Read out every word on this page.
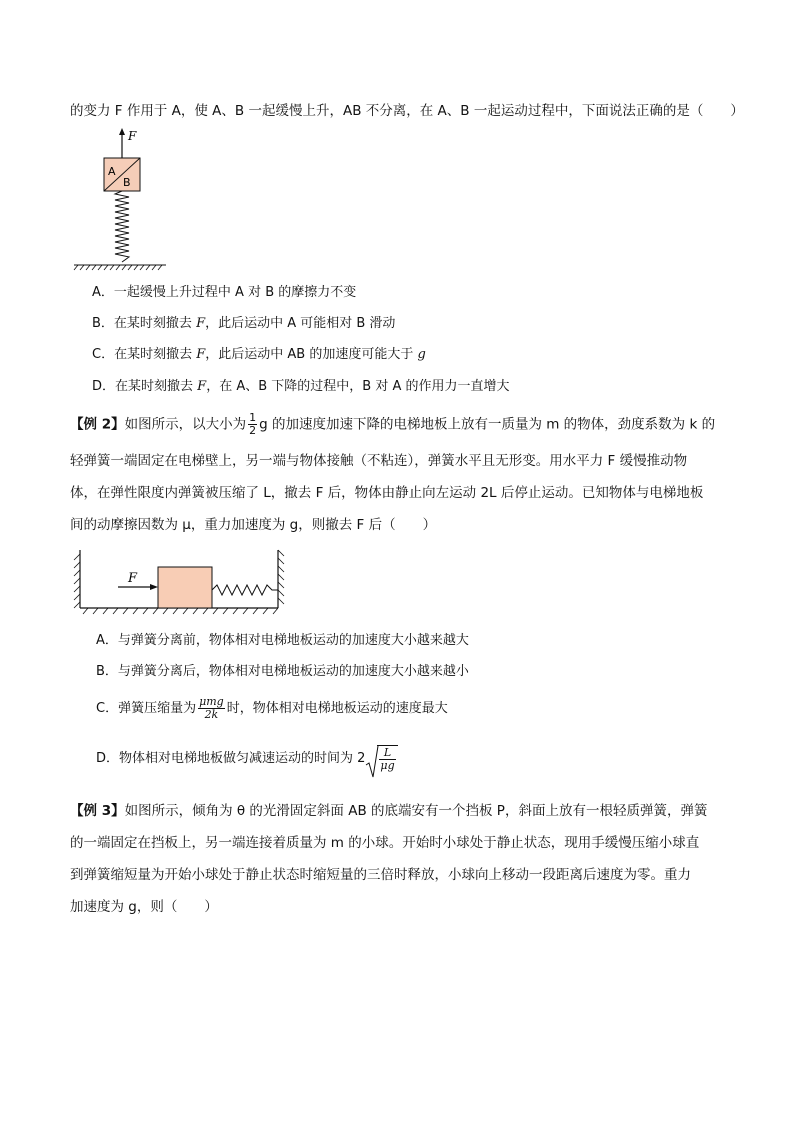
的变力 F 作用于 A，使 A、B 一起缓慢上升，AB 不分离，在 A、B 一起运动过程中，下面说法正确的是（　　）
F
A
B
A．一起缓慢上升过程中 A 对 B 的摩擦力不变
B．在某时刻撤去 F，此后运动中 A 可能相对 B 滑动
C．在某时刻撤去 F，此后运动中 AB 的加速度可能大于 g
D．在某时刻撤去 F，在 A、B 下降的过程中，B 对 A 的作用力一直增大
【例 2】如图所示，以大小为 $\frac{1}{2}$ g 的加速度加速下降的电梯地板上放有一质量为 m 的物体，劲度系数为 k 的
轻弹簧一端固定在电梯壁上，另一端与物体接触（不粘连），弹簧水平且无形变。用水平力 F 缓慢推动物
体，在弹性限度内弹簧被压缩了 L，撤去 F 后，物体由静止向左运动 2L 后停止运动。已知物体与电梯地板
间的动摩擦因数为 μ，重力加速度为 g，则撤去 F 后（　　）
F
A．与弹簧分离前，物体相对电梯地板运动的加速度大小越来越大
B．与弹簧分离后，物体相对电梯地板运动的加速度大小越来越小
C．弹簧压缩量为 $\frac{\text{μmg}}{2k}$ 时，物体相对电梯地板运动的速度最大
D．物体相对电梯地板做匀减速运动的时间为 $2 \frac{L}{\mu g}$
【例 3】如图所示，倾角为 θ 的光滑固定斜面 AB 的底端安有一个挡板 P，斜面上放有一根轻质弹簧，弹簧
的一端固定在挡板上，另一端连接着质量为 m 的小球。开始时小球处于静止状态，现用手缓慢压缩小球直
到弹簧缩短量为开始小球处于静止状态时缩短量的三倍时释放，小球向上移动一段距离后速度为零。重力
加速度为 g，则（　　）
